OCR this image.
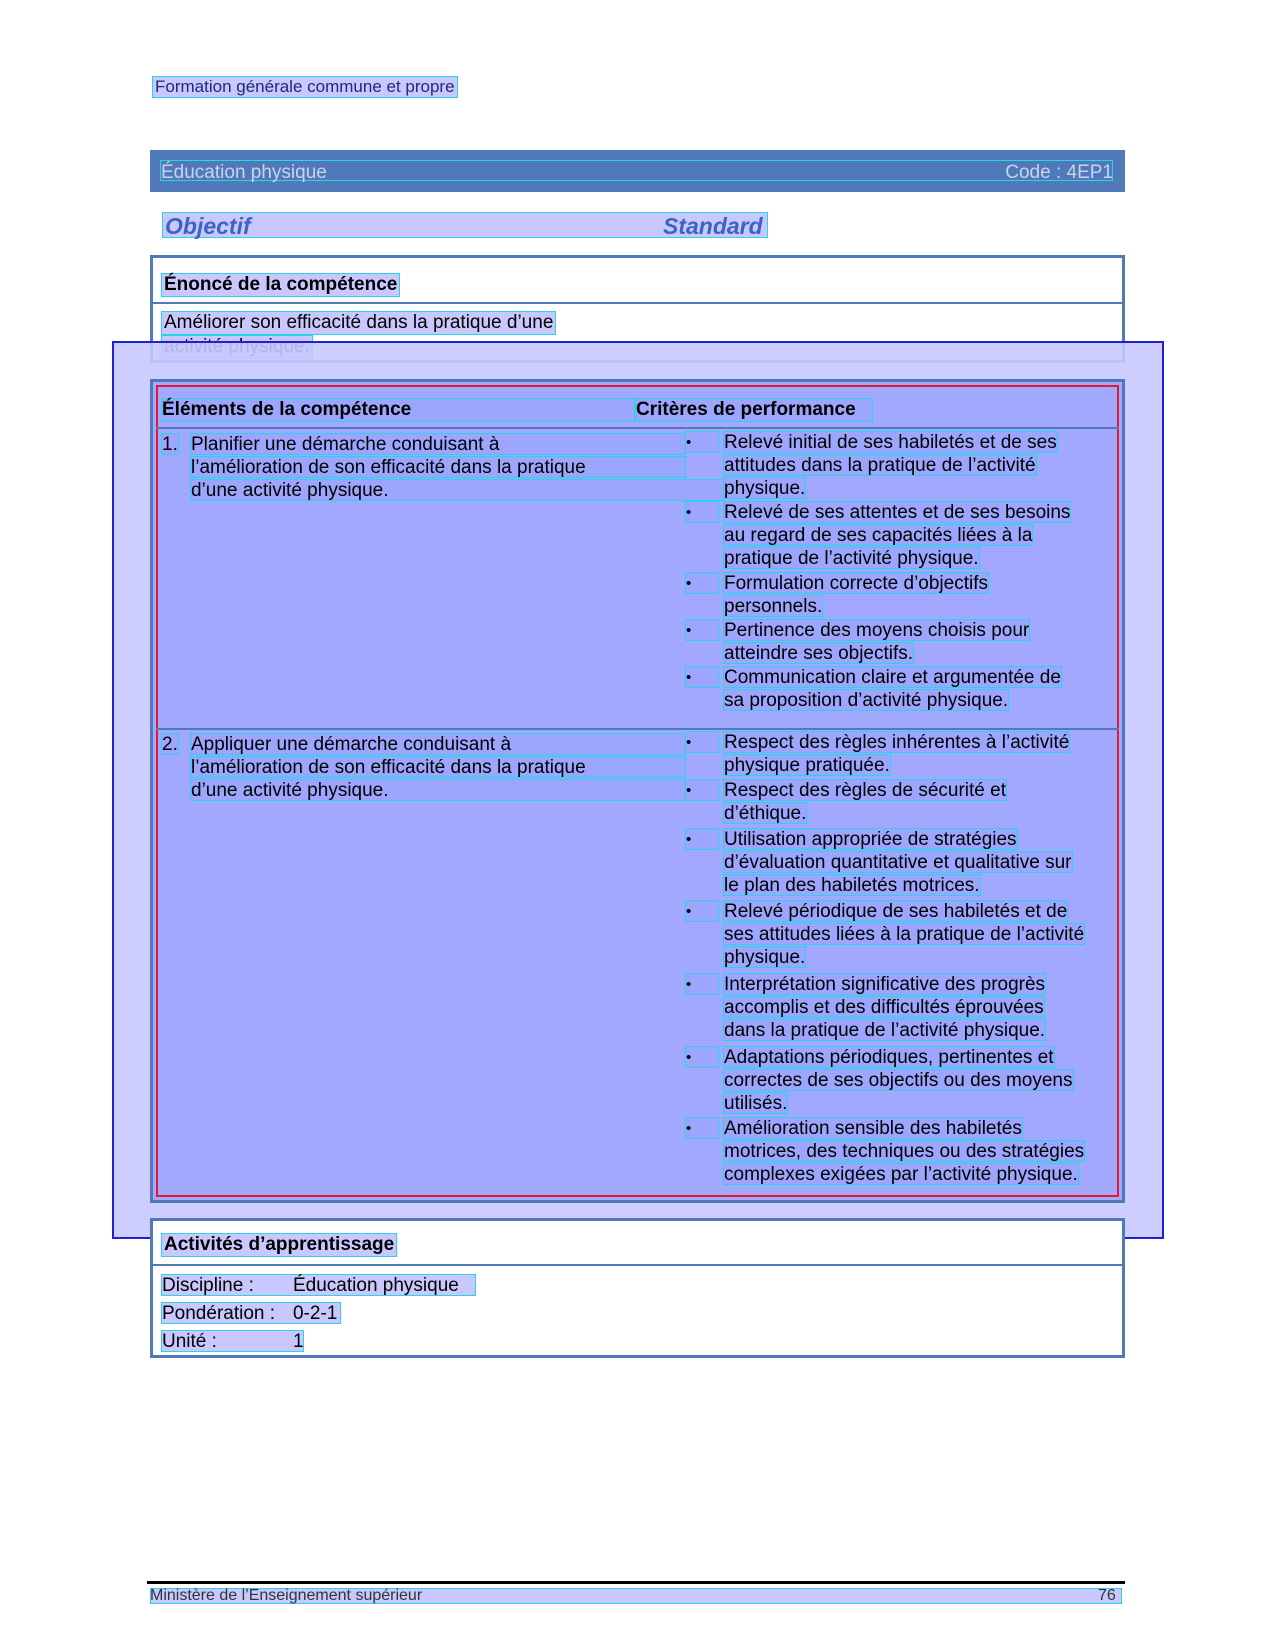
Formation générale commune et propre
Éducation physique	Code : 4EP1
Objectif	Standard
Énoncé de la compétence
Améliorer son efficacité dans la pratique d’une
Éléments de la compétence	Critères de performance
1. Planifier une démarche conduisant à
l’amélioration de son efficacité dans la pratique
d’une activité physique.
•	Relevé initial de ses habiletés et de ses
attitudes dans la pratique de l’activité
physique.
•	Relevé de ses attentes et de ses besoins
au regard de ses capacités liées à la
pratique de l’activité physique.
•	Formulation correcte d’objectifs
personnels.
•	Pertinence des moyens choisis pour
atteindre ses objectifs.
•	Communication claire et argumentée de
sa proposition d’activité physique.
2. Appliquer une démarche conduisant à
l’amélioration de son efficacité dans la pratique
d’une activité physique.
•	Respect des règles inhérentes à l’activité
physique pratiquée.
•	Respect des règles de sécurité et
d’éthique.
•	Utilisation appropriée de stratégies
d’évaluation quantitative et qualitative sur
le plan des habiletés motrices.
•	Relevé périodique de ses habiletés et de
ses attitudes liées à la pratique de l’activité
physique.
•	Interprétation significative des progrès
accomplis et des difficultés éprouvées
dans la pratique de l’activité physique.
•	Adaptations périodiques, pertinentes et
correctes de ses objectifs ou des moyens
utilisés.
•	Amélioration sensible des habiletés
motrices, des techniques ou des stratégies
complexes exigées par l’activité physique.
Activités d’apprentissage
Discipline : Éducation physique
Pondération : 0-2-1
Unité :	1
Ministère de l’Enseignement supérieur	76
